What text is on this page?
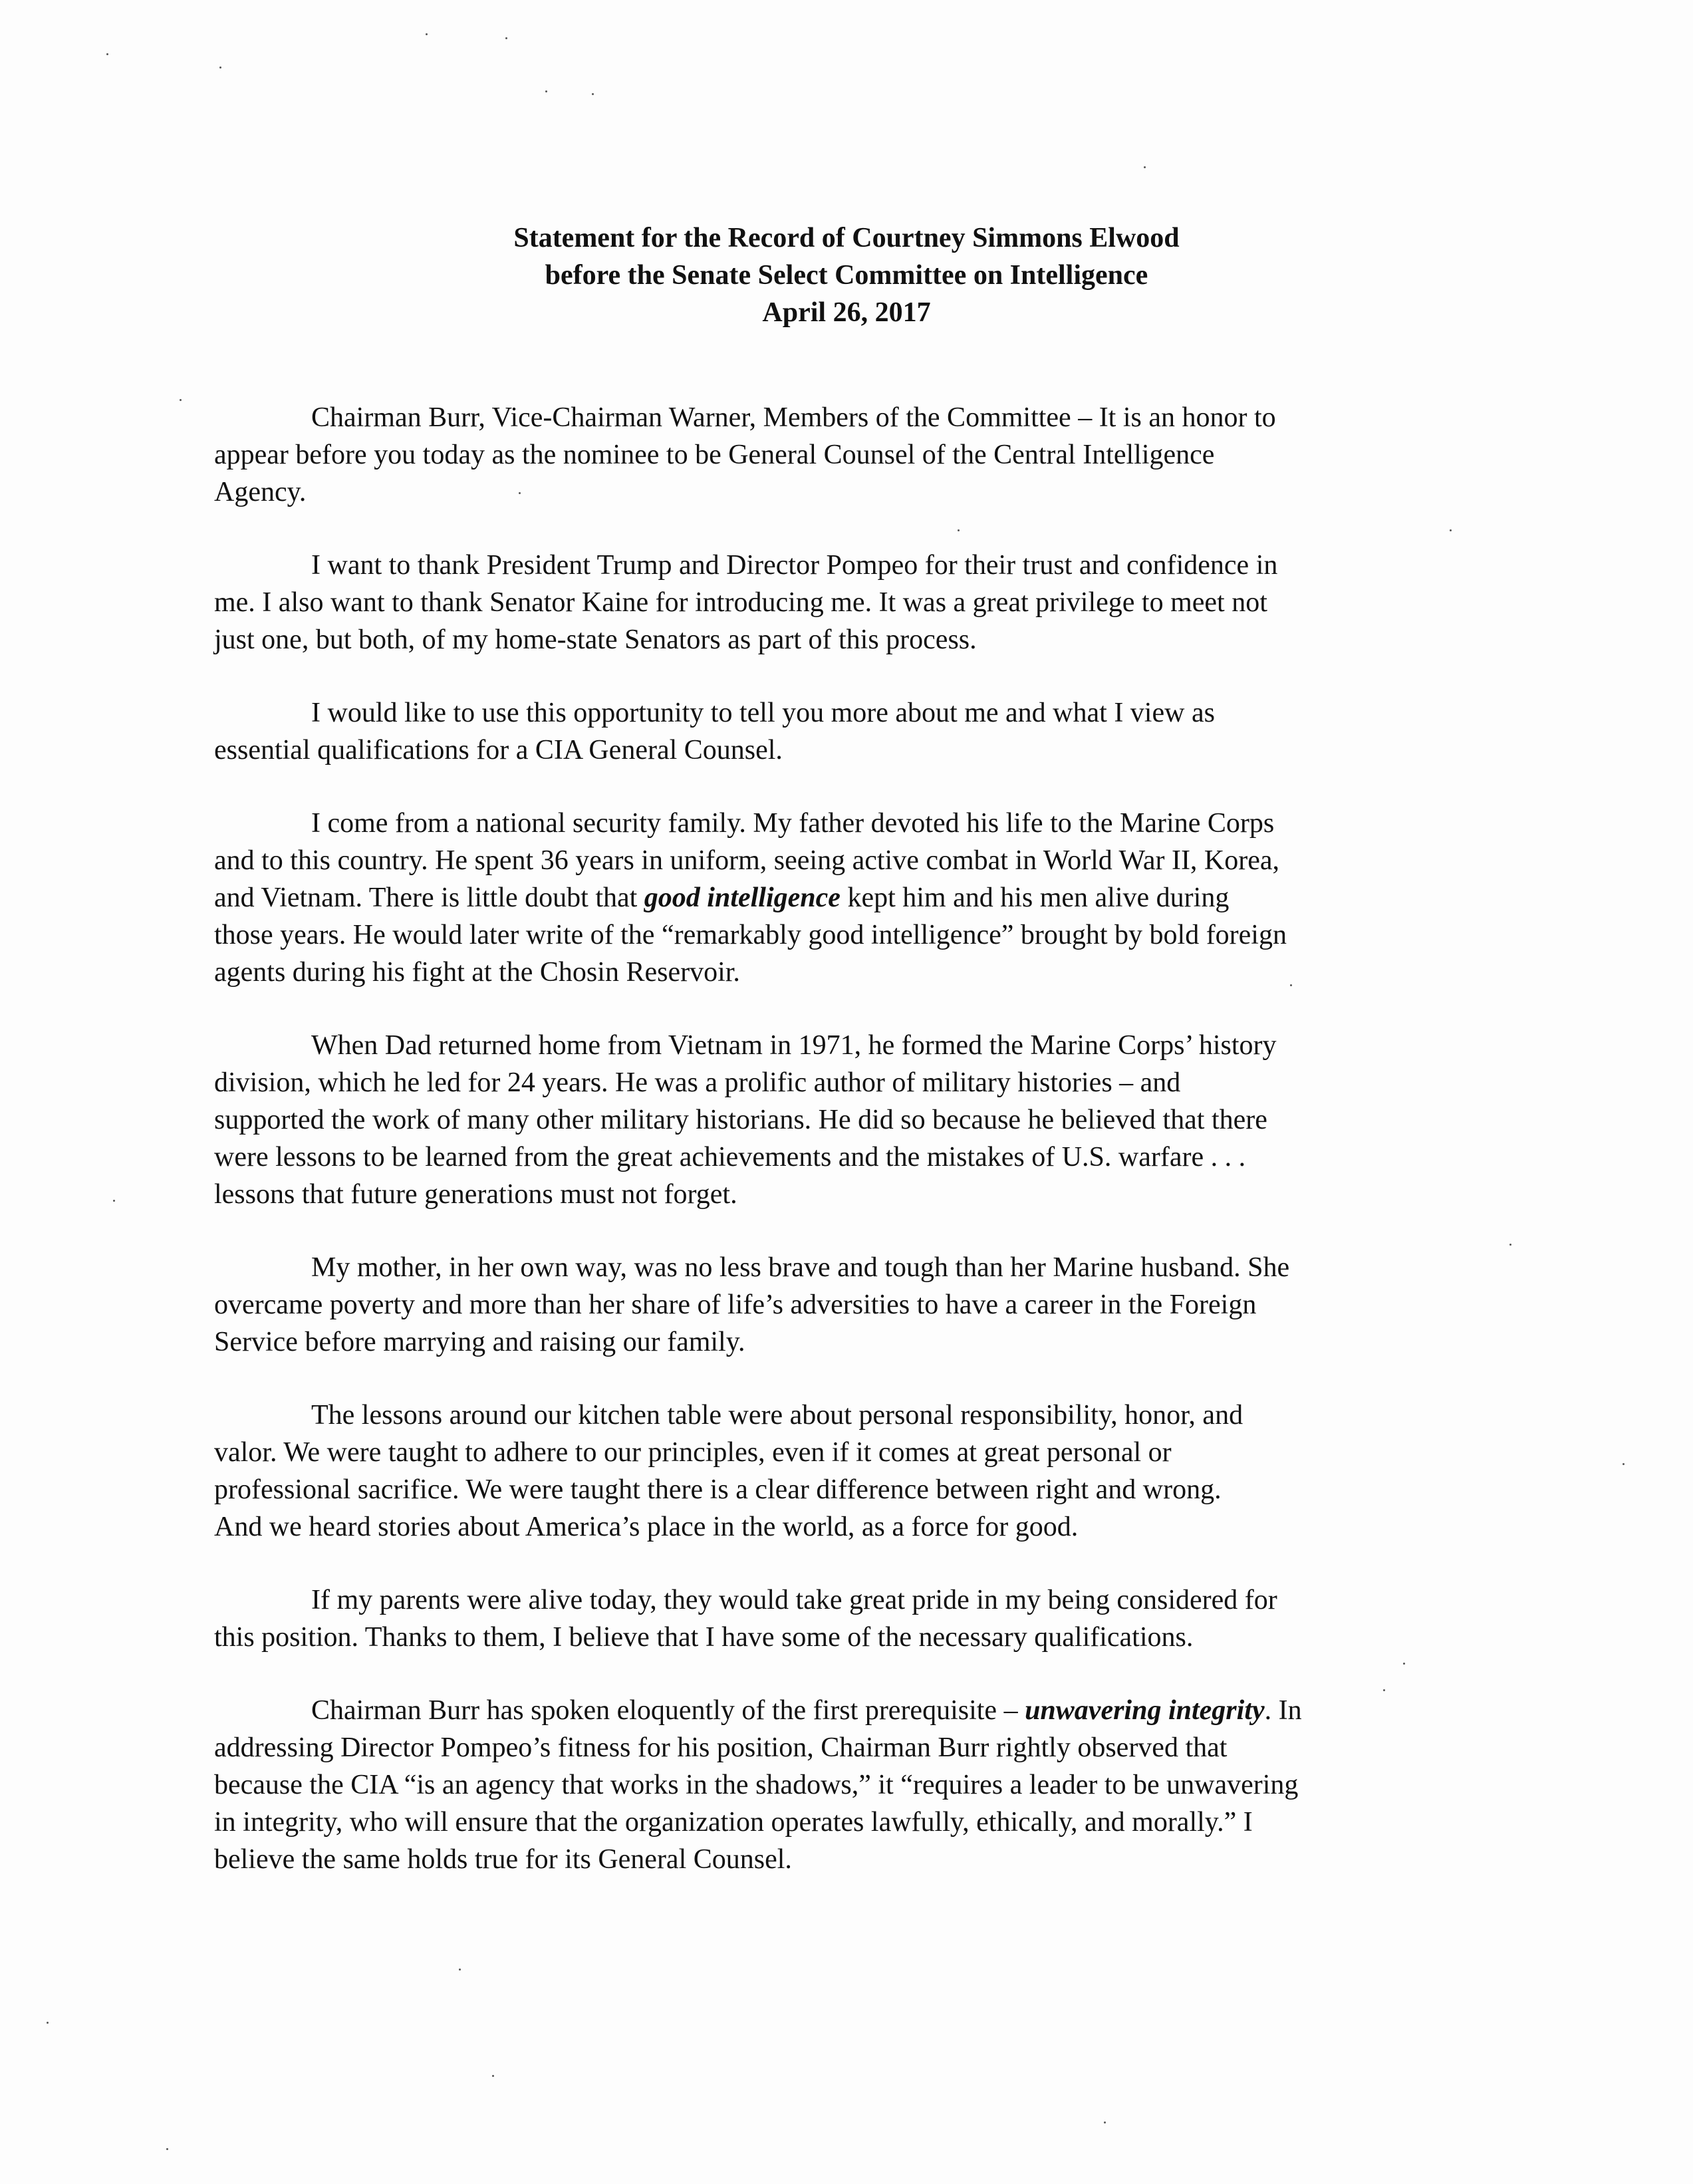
Statement for the Record of Courtney Simmons Elwood
before the Senate Select Committee on Intelligence
April 26, 2017

Chairman Burr, Vice-Chairman Warner, Members of the Committee – It is an honor to
appear before you today as the nominee to be General Counsel of the Central Intelligence
Agency.

I want to thank President Trump and Director Pompeo for their trust and confidence in
me. I also want to thank Senator Kaine for introducing me. It was a great privilege to meet not
just one, but both, of my home-state Senators as part of this process.

I would like to use this opportunity to tell you more about me and what I view as
essential qualifications for a CIA General Counsel.

I come from a national security family. My father devoted his life to the Marine Corps
and to this country. He spent 36 years in uniform, seeing active combat in World War II, Korea,
and Vietnam. There is little doubt that good intelligence kept him and his men alive during
those years. He would later write of the “remarkably good intelligence” brought by bold foreign
agents during his fight at the Chosin Reservoir.

When Dad returned home from Vietnam in 1971, he formed the Marine Corps’ history
division, which he led for 24 years. He was a prolific author of military histories – and
supported the work of many other military historians. He did so because he believed that there
were lessons to be learned from the great achievements and the mistakes of U.S. warfare . . .
lessons that future generations must not forget.

My mother, in her own way, was no less brave and tough than her Marine husband. She
overcame poverty and more than her share of life’s adversities to have a career in the Foreign
Service before marrying and raising our family.

The lessons around our kitchen table were about personal responsibility, honor, and
valor. We were taught to adhere to our principles, even if it comes at great personal or
professional sacrifice. We were taught there is a clear difference between right and wrong.
And we heard stories about America’s place in the world, as a force for good.

If my parents were alive today, they would take great pride in my being considered for
this position. Thanks to them, I believe that I have some of the necessary qualifications.

Chairman Burr has spoken eloquently of the first prerequisite – unwavering integrity. In
addressing Director Pompeo’s fitness for his position, Chairman Burr rightly observed that
because the CIA “is an agency that works in the shadows,” it “requires a leader to be unwavering
in integrity, who will ensure that the organization operates lawfully, ethically, and morally.” I
believe the same holds true for its General Counsel.
